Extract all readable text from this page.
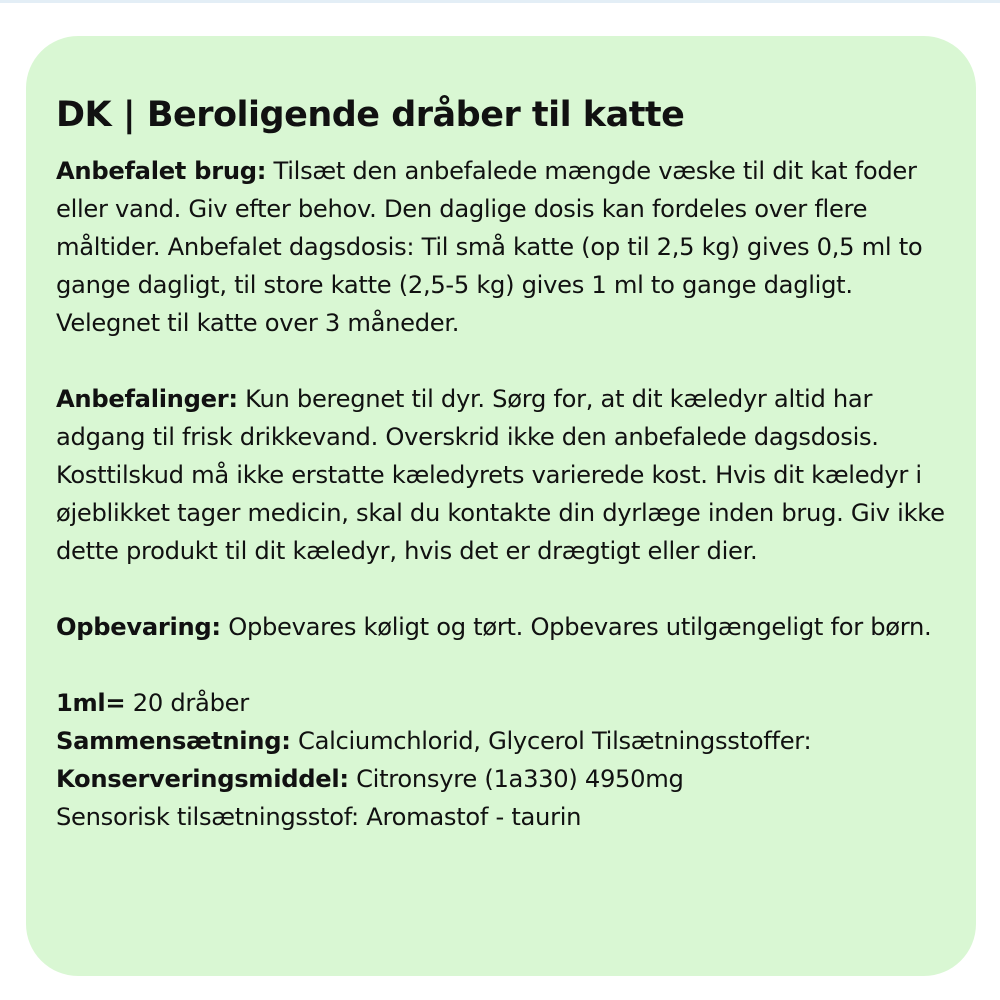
DK | Beroligende dråber til katte

Anbefalet brug: Tilsæt den anbefalede mængde væske til dit kat foder eller vand. Giv efter behov. Den daglige dosis kan fordeles over flere måltider. Anbefalet dagsdosis: Til små katte (op til 2,5 kg) gives 0,5 ml to gange dagligt, til store katte (2,5-5 kg) gives 1 ml to gange dagligt. Velegnet til katte over 3 måneder.

Anbefalinger: Kun beregnet til dyr. Sørg for, at dit kæledyr altid har adgang til frisk drikkevand. Overskrid ikke den anbefalede dagsdosis. Kosttilskud må ikke erstatte kæledyrets varierede kost. Hvis dit kæledyr i øjeblikket tager medicin, skal du kontakte din dyrlæge inden brug. Giv ikke dette produkt til dit kæledyr, hvis det er drægtigt eller dier.

Opbevaring: Opbevares køligt og tørt. Opbevares utilgængeligt for børn.

1ml= 20 dråber

Sammensætning: Calciumchlorid, Glycerol Tilsætningsstoffer:

Konserveringsmiddel: Citronsyre (1a330) 4950mg

Sensorisk tilsætningsstof: Aromastof - taurin
